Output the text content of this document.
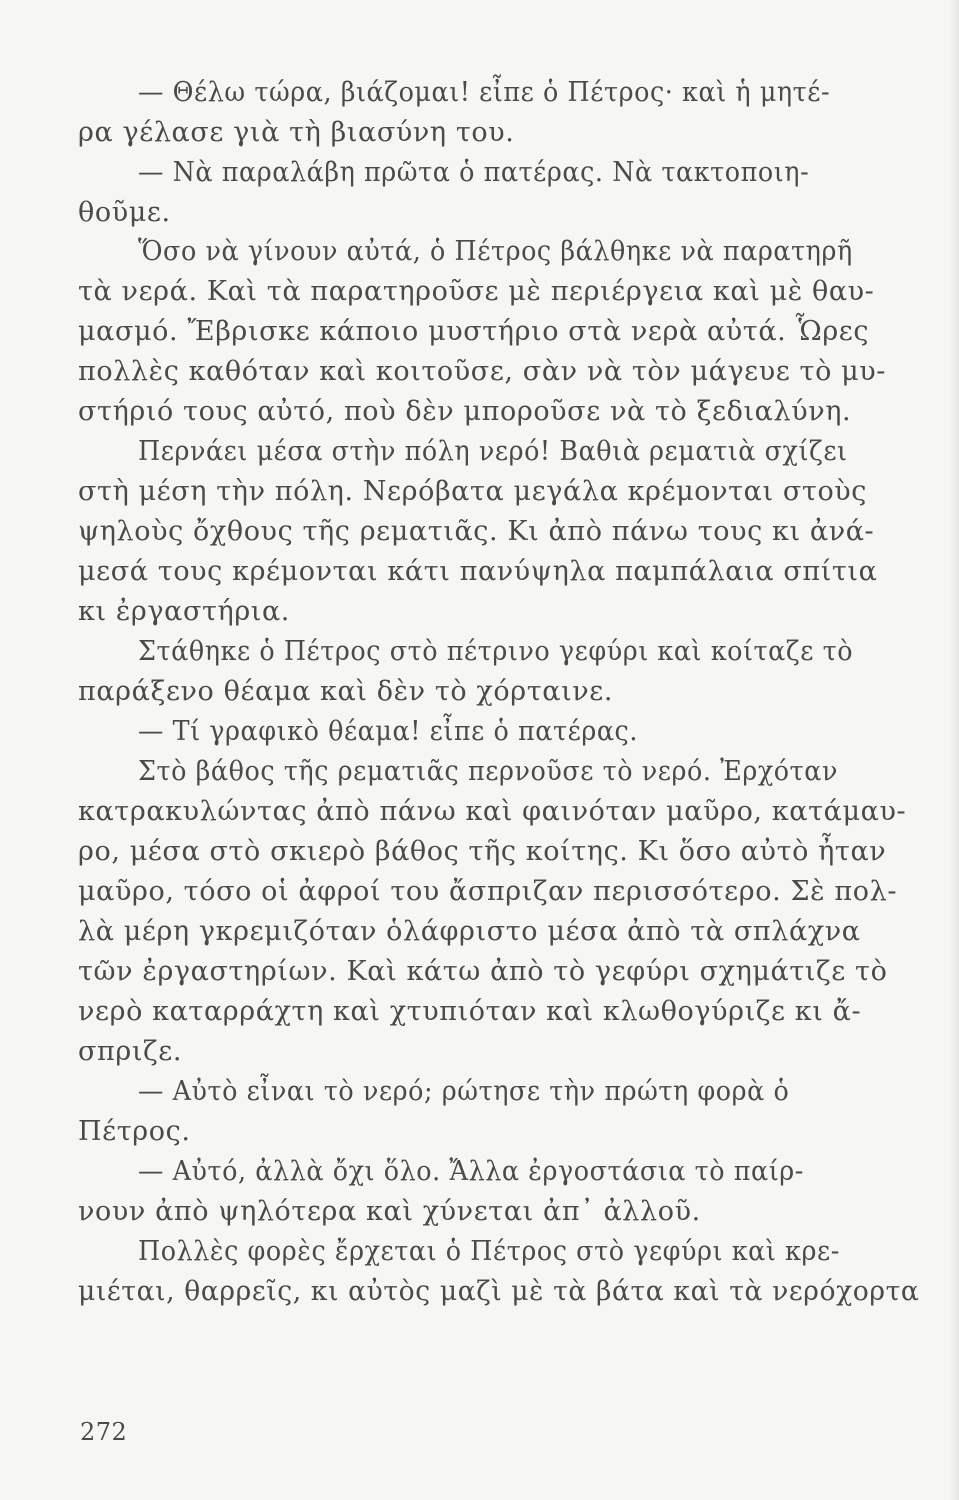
— Θέλω τώρα, βιάζομαι! εἶπε ὁ Πέτρος· καὶ ἡ μητέ-
ρα γέλασε γιὰ τὴ βιασύνη του.
— Νὰ παραλάβη πρῶτα ὁ πατέρας. Νὰ τακτοποιη-
θοῦμε.
Ὅσο νὰ γίνουν αὐτά, ὁ Πέτρος βάλθηκε νὰ παρατηρῆ
τὰ νερά. Καὶ τὰ παρατηροῦσε μὲ περιέργεια καὶ μὲ θαυ-
μασμό. Ἔβρισκε κάποιο μυστήριο στὰ νερὰ αὐτά. Ὧρες
πολλὲς καθόταν καὶ κοιτοῦσε, σὰν νὰ τὸν μάγευε τὸ μυ-
στήριό τους αὐτό, ποὺ δὲν μποροῦσε νὰ τὸ ξεδιαλύνη.
Περνάει μέσα στὴν πόλη νερό! Βαθιὰ ρεματιὰ σχίζει
στὴ μέση τὴν πόλη. Νερόβατα μεγάλα κρέμονται στοὺς
ψηλοὺς ὄχθους τῆς ρεματιᾶς. Κι ἀπὸ πάνω τους κι ἀνά-
μεσά τους κρέμονται κάτι πανύψηλα παμπάλαια σπίτια
κι ἐργαστήρια.
Στάθηκε ὁ Πέτρος στὸ πέτρινο γεφύρι καὶ κοίταζε τὸ
παράξενο θέαμα καὶ δὲν τὸ χόρταινε.
— Τί γραφικὸ θέαμα! εἶπε ὁ πατέρας.
Στὸ βάθος τῆς ρεματιᾶς περνοῦσε τὸ νερό. Ἐρχόταν
κατρακυλώντας ἀπὸ πάνω καὶ φαινόταν μαῦρο, κατάμαυ-
ρο, μέσα στὸ σκιερὸ βάθος τῆς κοίτης. Κι ὅσο αὐτὸ ἦταν
μαῦρο, τόσο οἱ ἀφροί του ἄσπριζαν περισσότερο. Σὲ πολ-
λὰ μέρη γκρεμιζόταν ὁλάφριστο μέσα ἀπὸ τὰ σπλάχνα
τῶν ἐργαστηρίων. Καὶ κάτω ἀπὸ τὸ γεφύρι σχημάτιζε τὸ
νερὸ καταρράχτη καὶ χτυπιόταν καὶ κλωθογύριζε κι ἄ-
σπριζε.
— Αὐτὸ εἶναι τὸ νερό; ρώτησε τὴν πρώτη φορὰ ὁ
Πέτρος.
— Αὐτό, ἀλλὰ ὄχι ὅλο. Ἄλλα ἐργοστάσια τὸ παίρ-
νουν ἀπὸ ψηλότερα καὶ χύνεται ἀπ᾽ ἀλλοῦ.
Πολλὲς φορὲς ἔρχεται ὁ Πέτρος στὸ γεφύρι καὶ κρε-
μιέται, θαρρεῖς, κι αὐτὸς μαζὶ μὲ τὰ βάτα καὶ τὰ νερόχορτα
272
